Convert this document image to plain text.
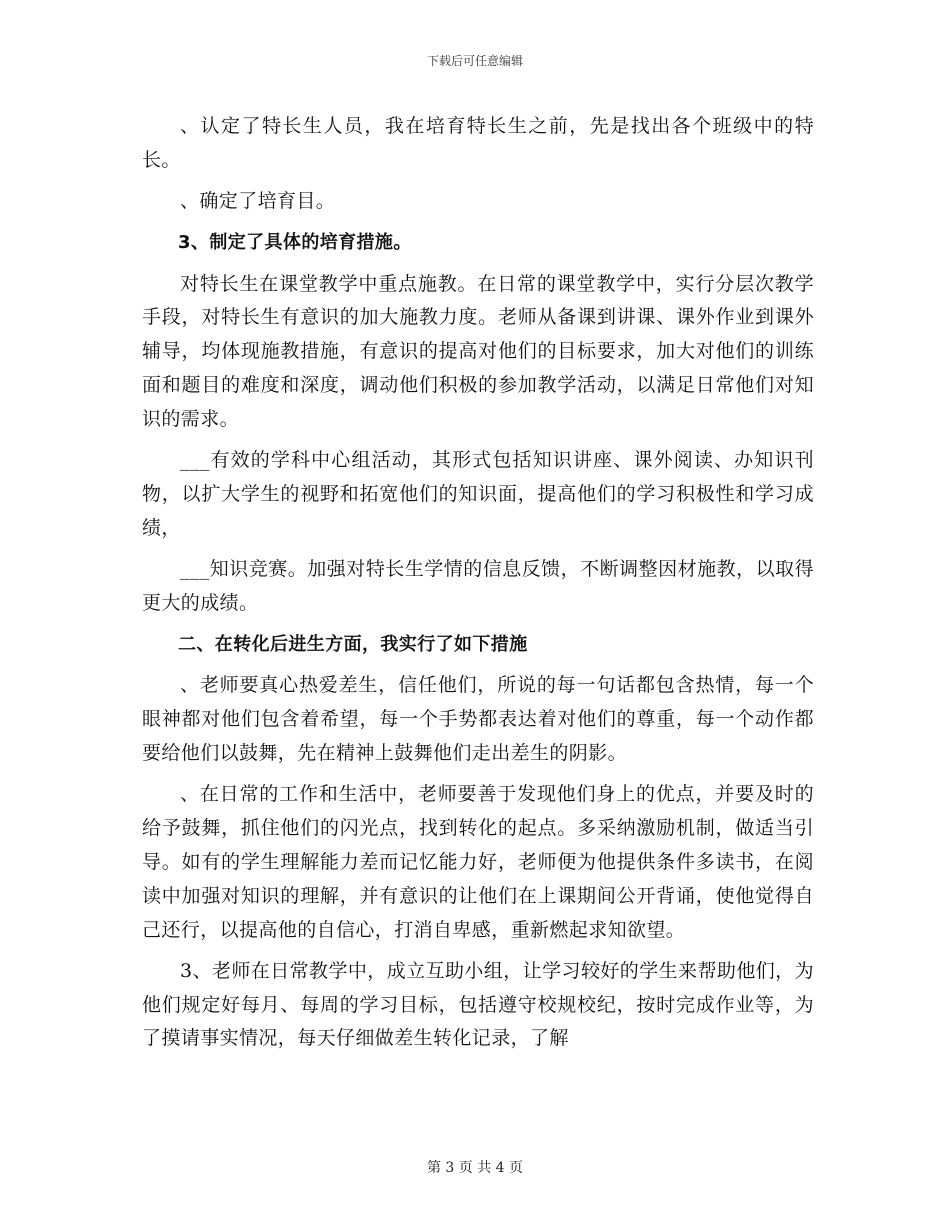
下载后可任意编辑

、认定了特长生人员，我在培育特长生之前，先是找出各个班级中的特长。

、确定了培育目。

3、制定了具体的培育措施。

对特长生在课堂教学中重点施教。在日常的课堂教学中，实行分层次教学手段，对特长生有意识的加大施教力度。老师从备课到讲课、课外作业到课外辅导，均体现施教措施，有意识的提高对他们的目标要求，加大对他们的训练面和题目的难度和深度，调动他们积极的参加教学活动，以满足日常他们对知识的需求。

___有效的学科中心组活动，其形式包括知识讲座、课外阅读、办知识刊物，以扩大学生的视野和拓宽他们的知识面，提高他们的学习积极性和学习成绩，

___知识竞赛。加强对特长生学情的信息反馈，不断调整因材施教，以取得更大的成绩。

二、在转化后进生方面，我实行了如下措施

、老师要真心热爱差生，信任他们，所说的每一句话都包含热情，每一个眼神都对他们包含着希望，每一个手势都表达着对他们的尊重，每一个动作都要给他们以鼓舞，先在精神上鼓舞他们走出差生的阴影。

、在日常的工作和生活中，老师要善于发现他们身上的优点，并要及时的给予鼓舞，抓住他们的闪光点，找到转化的起点。多采纳激励机制，做适当引导。如有的学生理解能力差而记忆能力好，老师便为他提供条件多读书，在阅读中加强对知识的理解，并有意识的让他们在上课期间公开背诵，使他觉得自己还行，以提高他的自信心，打消自卑感，重新燃起求知欲望。

3、老师在日常教学中，成立互助小组，让学习较好的学生来帮助他们，为他们规定好每月、每周的学习目标，包括遵守校规校纪，按时完成作业等，为了摸请事实情况，每天仔细做差生转化记录，了解

第 3 页 共 4 页
